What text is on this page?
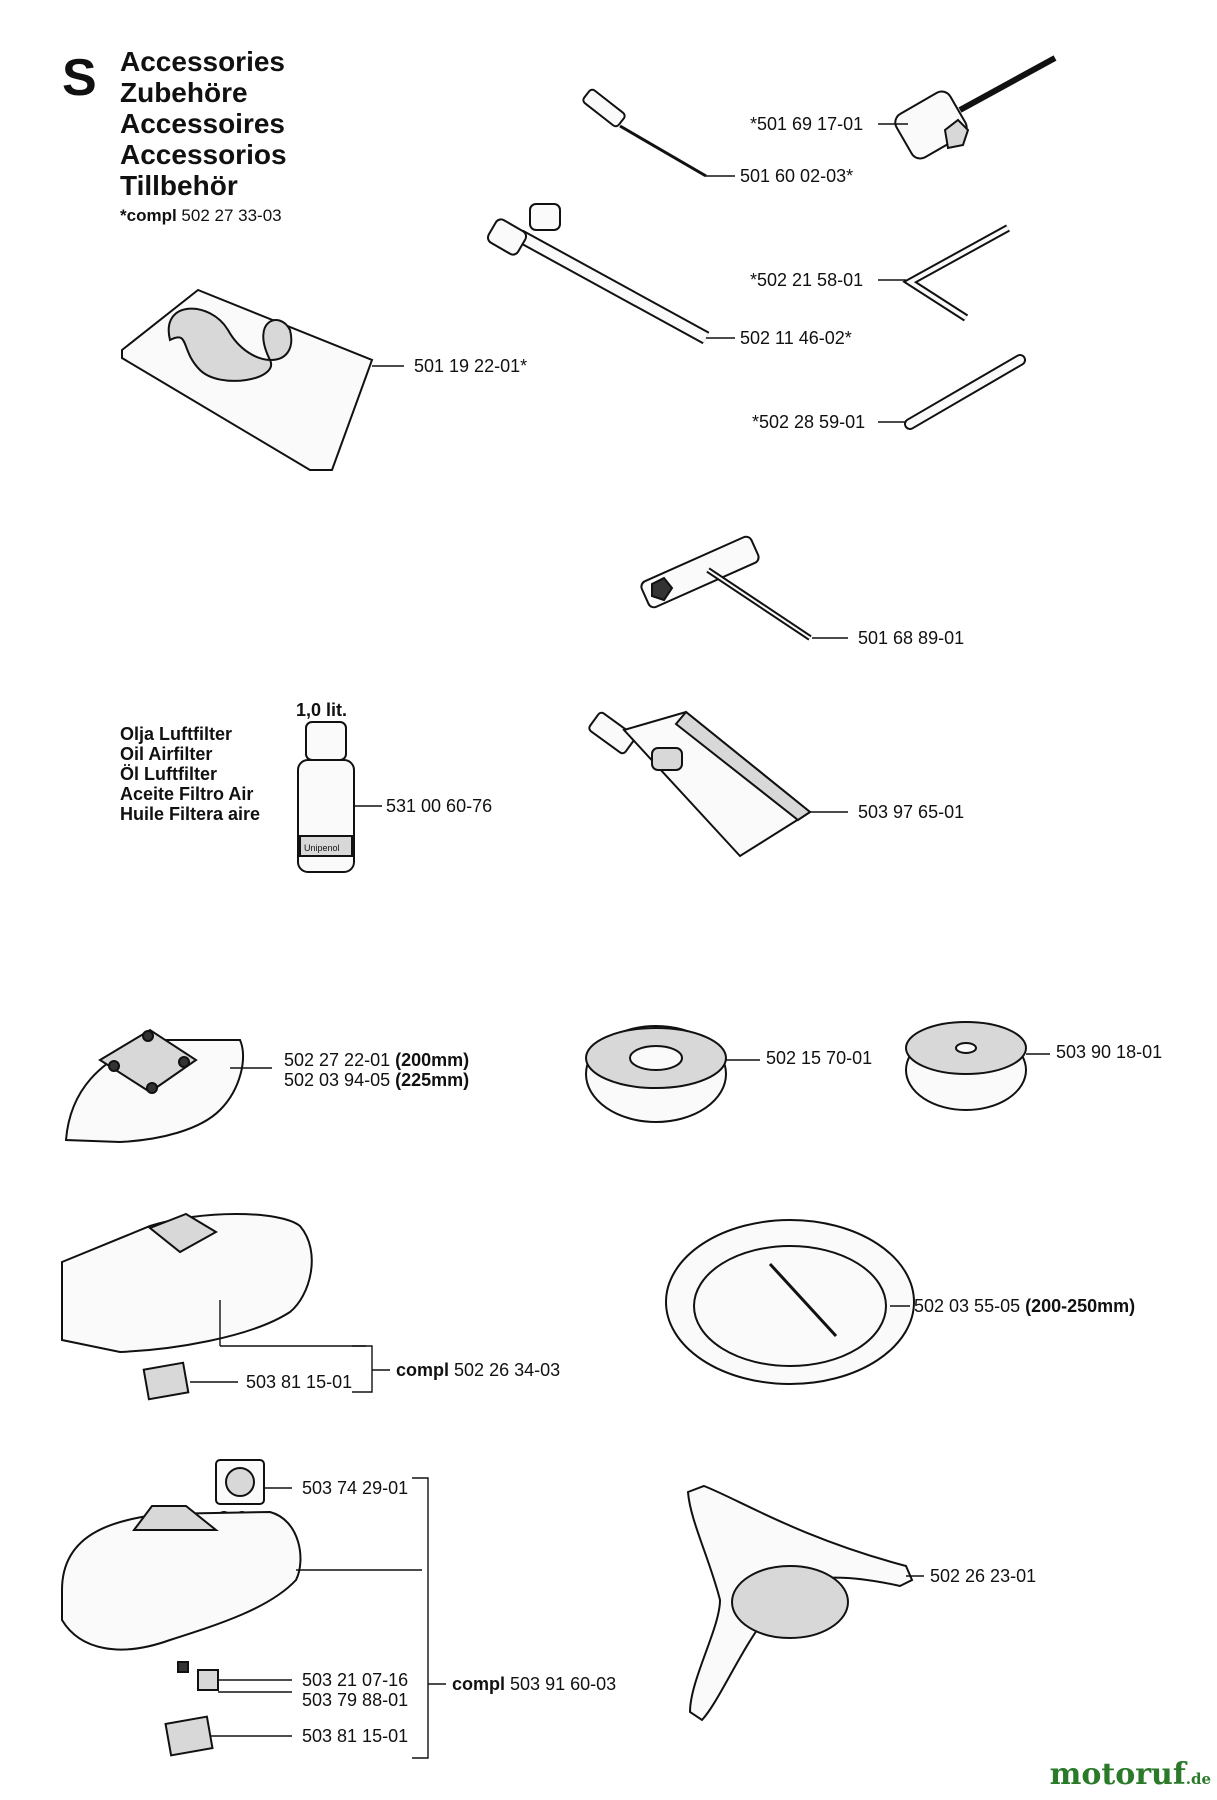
Unipenol
S Accessories
Zubehöre
Accessoires
Accessorios
Tillbehör
*compl 502 27 33-03
501 60 02-03*
*501 69 17-01
502 11 46-02*
*502 21 58-01
*502 28 59-01
501 19 22-01*
501 68 89-01
1,0 lit.
Olja Luftfilter
Oil Airfilter
Öl Luftfilter
Aceite Filtro Air
Huile Filtera aire	531 00 60-76	503 97 65-01
502 27 22-01 (200mm)
502 03 94-05 (225mm)
502 15 70-01	503 90 18-01
503 81 15-01
compl 502 26 34-03
502 03 55-05 (200-250mm)
503 74 29-01
503 21 07-16
503 79 88-01
503 81 15-01
compl 503 91 60-03
502 26 23-01
motoruf.de
